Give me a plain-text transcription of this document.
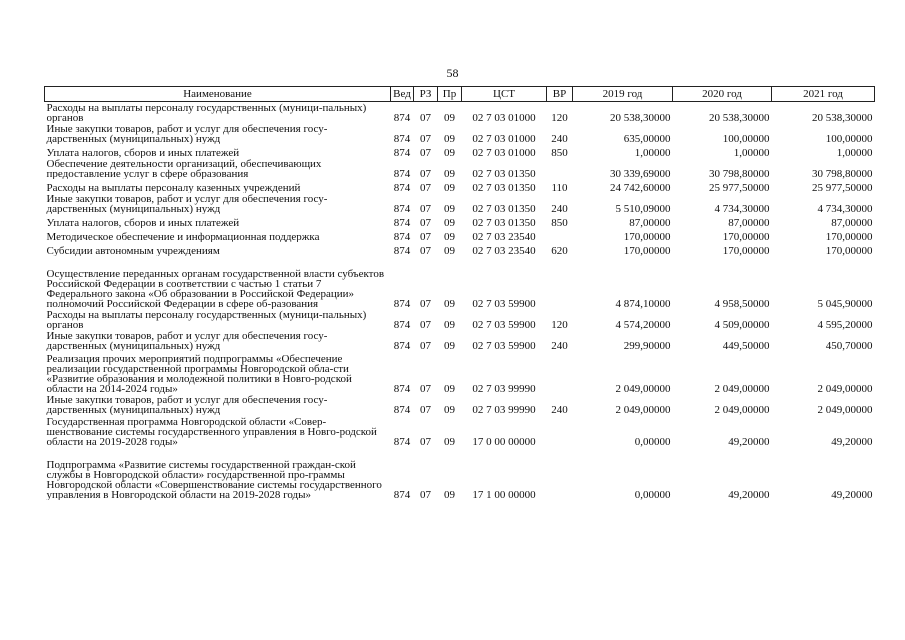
58
Наименование	Вед	РЗ	Пр	ЦСТ	ВР	2019 год	2020 год	2021 год
Расходы на выплаты персоналу государственных (муници-пальных) органов	874	07	09	02 7 03 01000	120	20 538,30000	20 538,30000	20 538,30000
Иные закупки товаров, работ и услуг для обеспечения госу-дарственных (муниципальных) нужд	874	07	09	02 7 03 01000	240	635,00000	100,00000	100,00000
Уплата налогов, сборов и иных платежей	874	07	09	02 7 03 01000	850	1,00000	1,00000	1,00000
Обеспечение деятельности организаций, обеспечивающих предоставление услуг в сфере образования	874	07	09	02 7 03 01350		30 339,69000	30 798,80000	30 798,80000
Расходы на выплаты персоналу казенных учреждений	874	07	09	02 7 03 01350	110	24 742,60000	25 977,50000	25 977,50000
Иные закупки товаров, работ и услуг для обеспечения госу-дарственных (муниципальных) нужд	874	07	09	02 7 03 01350	240	5 510,09000	4 734,30000	4 734,30000
Уплата налогов, сборов и иных платежей	874	07	09	02 7 03 01350	850	87,00000	87,00000	87,00000
Методическое обеспечение и информационная поддержка	874	07	09	02 7 03 23540		170,00000	170,00000	170,00000
Субсидии автономным учреждениям	874	07	09	02 7 03 23540	620	170,00000	170,00000	170,00000
Осуществление переданных органам государственной власти субъектов Российской Федерации в соответствии с частью 1 статьи 7 Федерального закона «Об образовании в Российской Федерации» полномочий Российской Федерации в сфере об-разования	874	07	09	02 7 03 59900		4 874,10000	4 958,50000	5 045,90000
Расходы на выплаты персоналу государственных (муници-пальных) органов	874	07	09	02 7 03 59900	120	4 574,20000	4 509,00000	4 595,20000
Иные закупки товаров, работ и услуг для обеспечения госу-дарственных (муниципальных) нужд	874	07	09	02 7 03 59900	240	299,90000	449,50000	450,70000
Реализация прочих мероприятий подпрограммы «Обеспечение реализации государственной программы Новгородской обла-сти «Развитие образования и молодежной политики в Новго-родской области на 2014-2024 годы»	874	07	09	02 7 03 99990		2 049,00000	2 049,00000	2 049,00000
Иные закупки товаров, работ и услуг для обеспечения госу-дарственных (муниципальных) нужд	874	07	09	02 7 03 99990	240	2 049,00000	2 049,00000	2 049,00000
Государственная программа Новгородской области «Совер-шенствование системы государственного управления в Новго-родской области на 2019-2028 годы»	874	07	09	17 0 00 00000		0,00000	49,20000	49,20000
Подпрограмма «Развитие системы государственной граждан-ской службы в Новгородской области» государственной про-граммы Новгородской области «Совершенствование системы государственного управления в Новгородской области на 2019-2028 годы»	874	07	09	17 1 00 00000		0,00000	49,20000	49,20000
